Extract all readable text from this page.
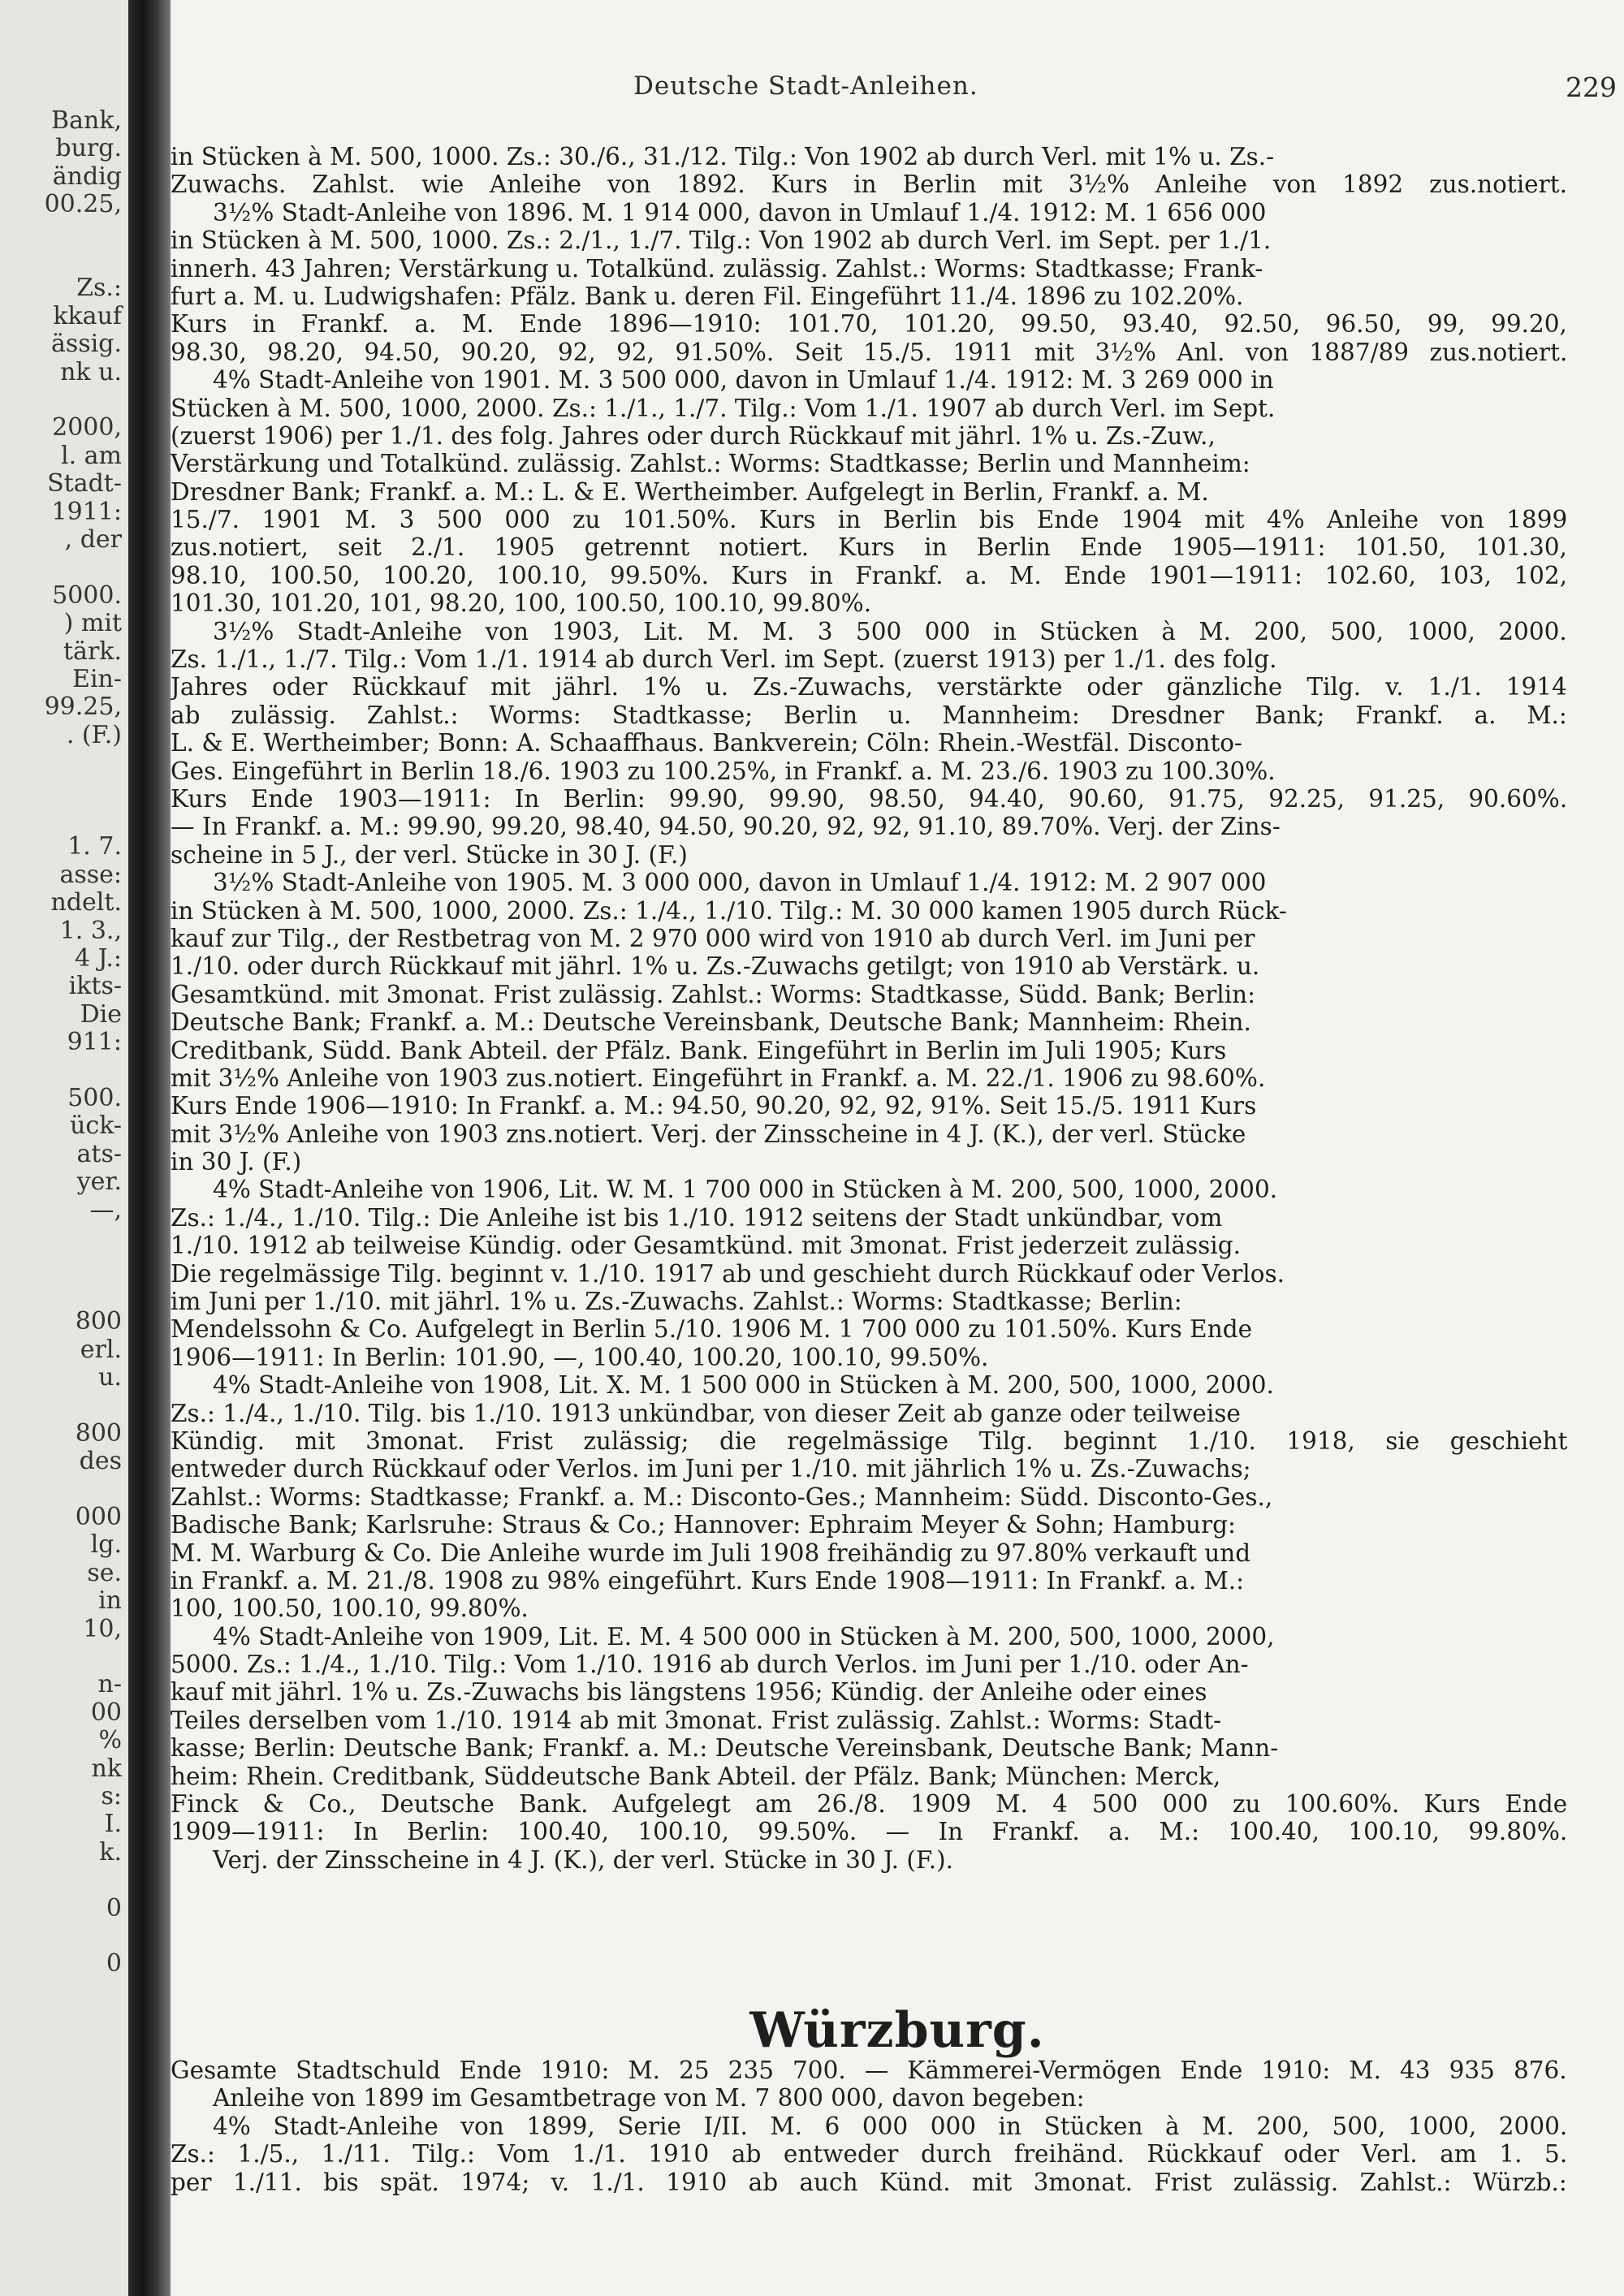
Bank,
burg.
ändig
00.25,
Zs.:
kkauf
ässig.
nk u.
2000,
l. am
Stadt-
1911:
, der
5000.
) mit
tärk.
Ein-
99.25,
. (F.)
1. 7.
asse:
ndelt.
1. 3.,
4 J.:
ikts-
Die
911:
500.
ück-
ats-
yer.
—,
800
erl.
u.
800
des
000
lg.
se.
in
10,
n-
00
%
nk
s:
I.
k.
0
0
Deutsche Stadt-Anleihen.	229

in Stücken à M. 500, 1000. Zs.: 30./6., 31./12. Tilg.: Von 1902 ab durch Verl. mit 1% u. Zs.-

Zuwachs. Zahlst. wie Anleihe von 1892. Kurs in Berlin mit 3½% Anleihe von 1892 zus.notiert.

3½% Stadt-Anleihe von 1896. M. 1 914 000, davon in Umlauf 1./4. 1912: M. 1 656 000

in Stücken à M. 500, 1000. Zs.: 2./1., 1./7. Tilg.: Von 1902 ab durch Verl. im Sept. per 1./1.

innerh. 43 Jahren; Verstärkung u. Totalkünd. zulässig. Zahlst.: Worms: Stadtkasse; Frank-

furt a. M. u. Ludwigshafen: Pfälz. Bank u. deren Fil. Eingeführt 11./4. 1896 zu 102.20%.

Kurs in Frankf. a. M. Ende 1896—1910: 101.70, 101.20, 99.50, 93.40, 92.50, 96.50, 99, 99.20,

98.30, 98.20, 94.50, 90.20, 92, 92, 91.50%. Seit 15./5. 1911 mit 3½% Anl. von 1887/89 zus.notiert.

4% Stadt-Anleihe von 1901. M. 3 500 000, davon in Umlauf 1./4. 1912: M. 3 269 000 in

Stücken à M. 500, 1000, 2000. Zs.: 1./1., 1./7. Tilg.: Vom 1./1. 1907 ab durch Verl. im Sept.

(zuerst 1906) per 1./1. des folg. Jahres oder durch Rückkauf mit jährl. 1% u. Zs.-Zuw.,

Verstärkung und Totalkünd. zulässig. Zahlst.: Worms: Stadtkasse; Berlin und Mannheim:

Dresdner Bank; Frankf. a. M.: L. & E. Wertheimber. Aufgelegt in Berlin, Frankf. a. M.

15./7. 1901 M. 3 500 000 zu 101.50%. Kurs in Berlin bis Ende 1904 mit 4% Anleihe von 1899

zus.notiert, seit 2./1. 1905 getrennt notiert. Kurs in Berlin Ende 1905—1911: 101.50, 101.30,

98.10, 100.50, 100.20, 100.10, 99.50%. Kurs in Frankf. a. M. Ende 1901—1911: 102.60, 103, 102,

101.30, 101.20, 101, 98.20, 100, 100.50, 100.10, 99.80%.

3½% Stadt-Anleihe von 1903, Lit. M. M. 3 500 000 in Stücken à M. 200, 500, 1000, 2000.

Zs. 1./1., 1./7. Tilg.: Vom 1./1. 1914 ab durch Verl. im Sept. (zuerst 1913) per 1./1. des folg.

Jahres oder Rückkauf mit jährl. 1% u. Zs.-Zuwachs, verstärkte oder gänzliche Tilg. v. 1./1. 1914

ab zulässig. Zahlst.: Worms: Stadtkasse; Berlin u. Mannheim: Dresdner Bank; Frankf. a. M.:

L. & E. Wertheimber; Bonn: A. Schaaffhaus. Bankverein; Cöln: Rhein.-Westfäl. Disconto-

Ges. Eingeführt in Berlin 18./6. 1903 zu 100.25%, in Frankf. a. M. 23./6. 1903 zu 100.30%.

Kurs Ende 1903—1911: In Berlin: 99.90, 99.90, 98.50, 94.40, 90.60, 91.75, 92.25, 91.25, 90.60%.

— In Frankf. a. M.: 99.90, 99.20, 98.40, 94.50, 90.20, 92, 92, 91.10, 89.70%. Verj. der Zins-

scheine in 5 J., der verl. Stücke in 30 J. (F.)

3½% Stadt-Anleihe von 1905. M. 3 000 000, davon in Umlauf 1./4. 1912: M. 2 907 000

in Stücken à M. 500, 1000, 2000. Zs.: 1./4., 1./10. Tilg.: M. 30 000 kamen 1905 durch Rück-

kauf zur Tilg., der Restbetrag von M. 2 970 000 wird von 1910 ab durch Verl. im Juni per

1./10. oder durch Rückkauf mit jährl. 1% u. Zs.-Zuwachs getilgt; von 1910 ab Verstärk. u.

Gesamtkünd. mit 3monat. Frist zulässig. Zahlst.: Worms: Stadtkasse, Südd. Bank; Berlin:

Deutsche Bank; Frankf. a. M.: Deutsche Vereinsbank, Deutsche Bank; Mannheim: Rhein.

Creditbank, Südd. Bank Abteil. der Pfälz. Bank. Eingeführt in Berlin im Juli 1905; Kurs

mit 3½% Anleihe von 1903 zus.notiert. Eingeführt in Frankf. a. M. 22./1. 1906 zu 98.60%.

Kurs Ende 1906—1910: In Frankf. a. M.: 94.50, 90.20, 92, 92, 91%. Seit 15./5. 1911 Kurs

mit 3½% Anleihe von 1903 zns.notiert. Verj. der Zinsscheine in 4 J. (K.), der verl. Stücke

in 30 J. (F.)

4% Stadt-Anleihe von 1906, Lit. W. M. 1 700 000 in Stücken à M. 200, 500, 1000, 2000.

Zs.: 1./4., 1./10. Tilg.: Die Anleihe ist bis 1./10. 1912 seitens der Stadt unkündbar, vom

1./10. 1912 ab teilweise Kündig. oder Gesamtkünd. mit 3monat. Frist jederzeit zulässig.

Die regelmässige Tilg. beginnt v. 1./10. 1917 ab und geschieht durch Rückkauf oder Verlos.

im Juni per 1./10. mit jährl. 1% u. Zs.-Zuwachs. Zahlst.: Worms: Stadtkasse; Berlin:

Mendelssohn & Co. Aufgelegt in Berlin 5./10. 1906 M. 1 700 000 zu 101.50%. Kurs Ende

1906—1911: In Berlin: 101.90, —, 100.40, 100.20, 100.10, 99.50%.

4% Stadt-Anleihe von 1908, Lit. X. M. 1 500 000 in Stücken à M. 200, 500, 1000, 2000.

Zs.: 1./4., 1./10. Tilg. bis 1./10. 1913 unkündbar, von dieser Zeit ab ganze oder teilweise

Kündig. mit 3monat. Frist zulässig; die regelmässige Tilg. beginnt 1./10. 1918, sie geschieht

entweder durch Rückkauf oder Verlos. im Juni per 1./10. mit jährlich 1% u. Zs.-Zuwachs;

Zahlst.: Worms: Stadtkasse; Frankf. a. M.: Disconto-Ges.; Mannheim: Südd. Disconto-Ges.,

Badische Bank; Karlsruhe: Straus & Co.; Hannover: Ephraim Meyer & Sohn; Hamburg:

M. M. Warburg & Co. Die Anleihe wurde im Juli 1908 freihändig zu 97.80% verkauft und

in Frankf. a. M. 21./8. 1908 zu 98% eingeführt. Kurs Ende 1908—1911: In Frankf. a. M.:

100, 100.50, 100.10, 99.80%.

4% Stadt-Anleihe von 1909, Lit. E. M. 4 500 000 in Stücken à M. 200, 500, 1000, 2000,

5000. Zs.: 1./4., 1./10. Tilg.: Vom 1./10. 1916 ab durch Verlos. im Juni per 1./10. oder An-

kauf mit jährl. 1% u. Zs.-Zuwachs bis längstens 1956; Kündig. der Anleihe oder eines

Teiles derselben vom 1./10. 1914 ab mit 3monat. Frist zulässig. Zahlst.: Worms: Stadt-

kasse; Berlin: Deutsche Bank; Frankf. a. M.: Deutsche Vereinsbank, Deutsche Bank; Mann-

heim: Rhein. Creditbank, Süddeutsche Bank Abteil. der Pfälz. Bank; München: Merck,

Finck & Co., Deutsche Bank. Aufgelegt am 26./8. 1909 M. 4 500 000 zu 100.60%. Kurs Ende

1909—1911: In Berlin: 100.40, 100.10, 99.50%. — In Frankf. a. M.: 100.40, 100.10, 99.80%.

Verj. der Zinsscheine in 4 J. (K.), der verl. Stücke in 30 J. (F.).

Würzburg.

Gesamte Stadtschuld Ende 1910: M. 25 235 700. — Kämmerei-Vermögen Ende 1910: M. 43 935 876.

Anleihe von 1899 im Gesamtbetrage von M. 7 800 000, davon begeben:

4% Stadt-Anleihe von 1899, Serie I/II. M. 6 000 000 in Stücken à M. 200, 500, 1000, 2000.

Zs.: 1./5., 1./11. Tilg.: Vom 1./1. 1910 ab entweder durch freihänd. Rückkauf oder Verl. am 1. 5.

per 1./11. bis spät. 1974; v. 1./1. 1910 ab auch Künd. mit 3monat. Frist zulässig. Zahlst.: Würzb.:
